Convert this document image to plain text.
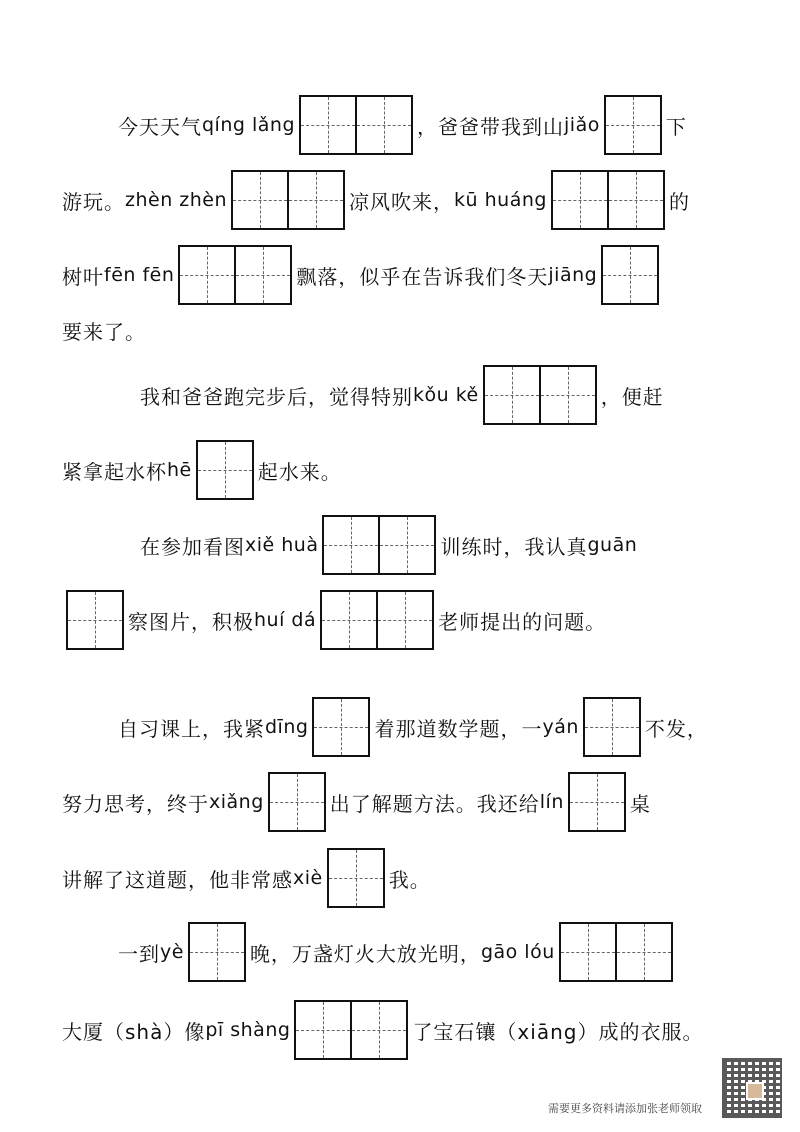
今天天气 qíng lǎng	，爸爸带我到山 jiǎo	下
游玩。 zhèn zhèn	凉风吹来， kū huáng	的
树叶 fēn fēn	飘落，似乎在告诉我们冬天 jiāng
要来了。
我和爸爸跑完步后，觉得特别 kǒu kě	，便赶
紧拿起水杯 hē	起水来。
在参加看图 xiě huà	训练时，我认真 guān
察图片，积极 huí dá	老师提出的问题。
自习课上，我紧 dīng	着那道数学题，一 yán	不发，
努力思考，终于 xiǎng	出了解题方法。我还给 lín	桌
讲解了这道题，他非常感 xiè	我。
一到 yè	晚，万盏灯火大放光明， gāo lóu
大厦（shà）像 pī shàng	了宝石镶（xiāng）成的衣服。
需要更多资料请添加张老师领取
